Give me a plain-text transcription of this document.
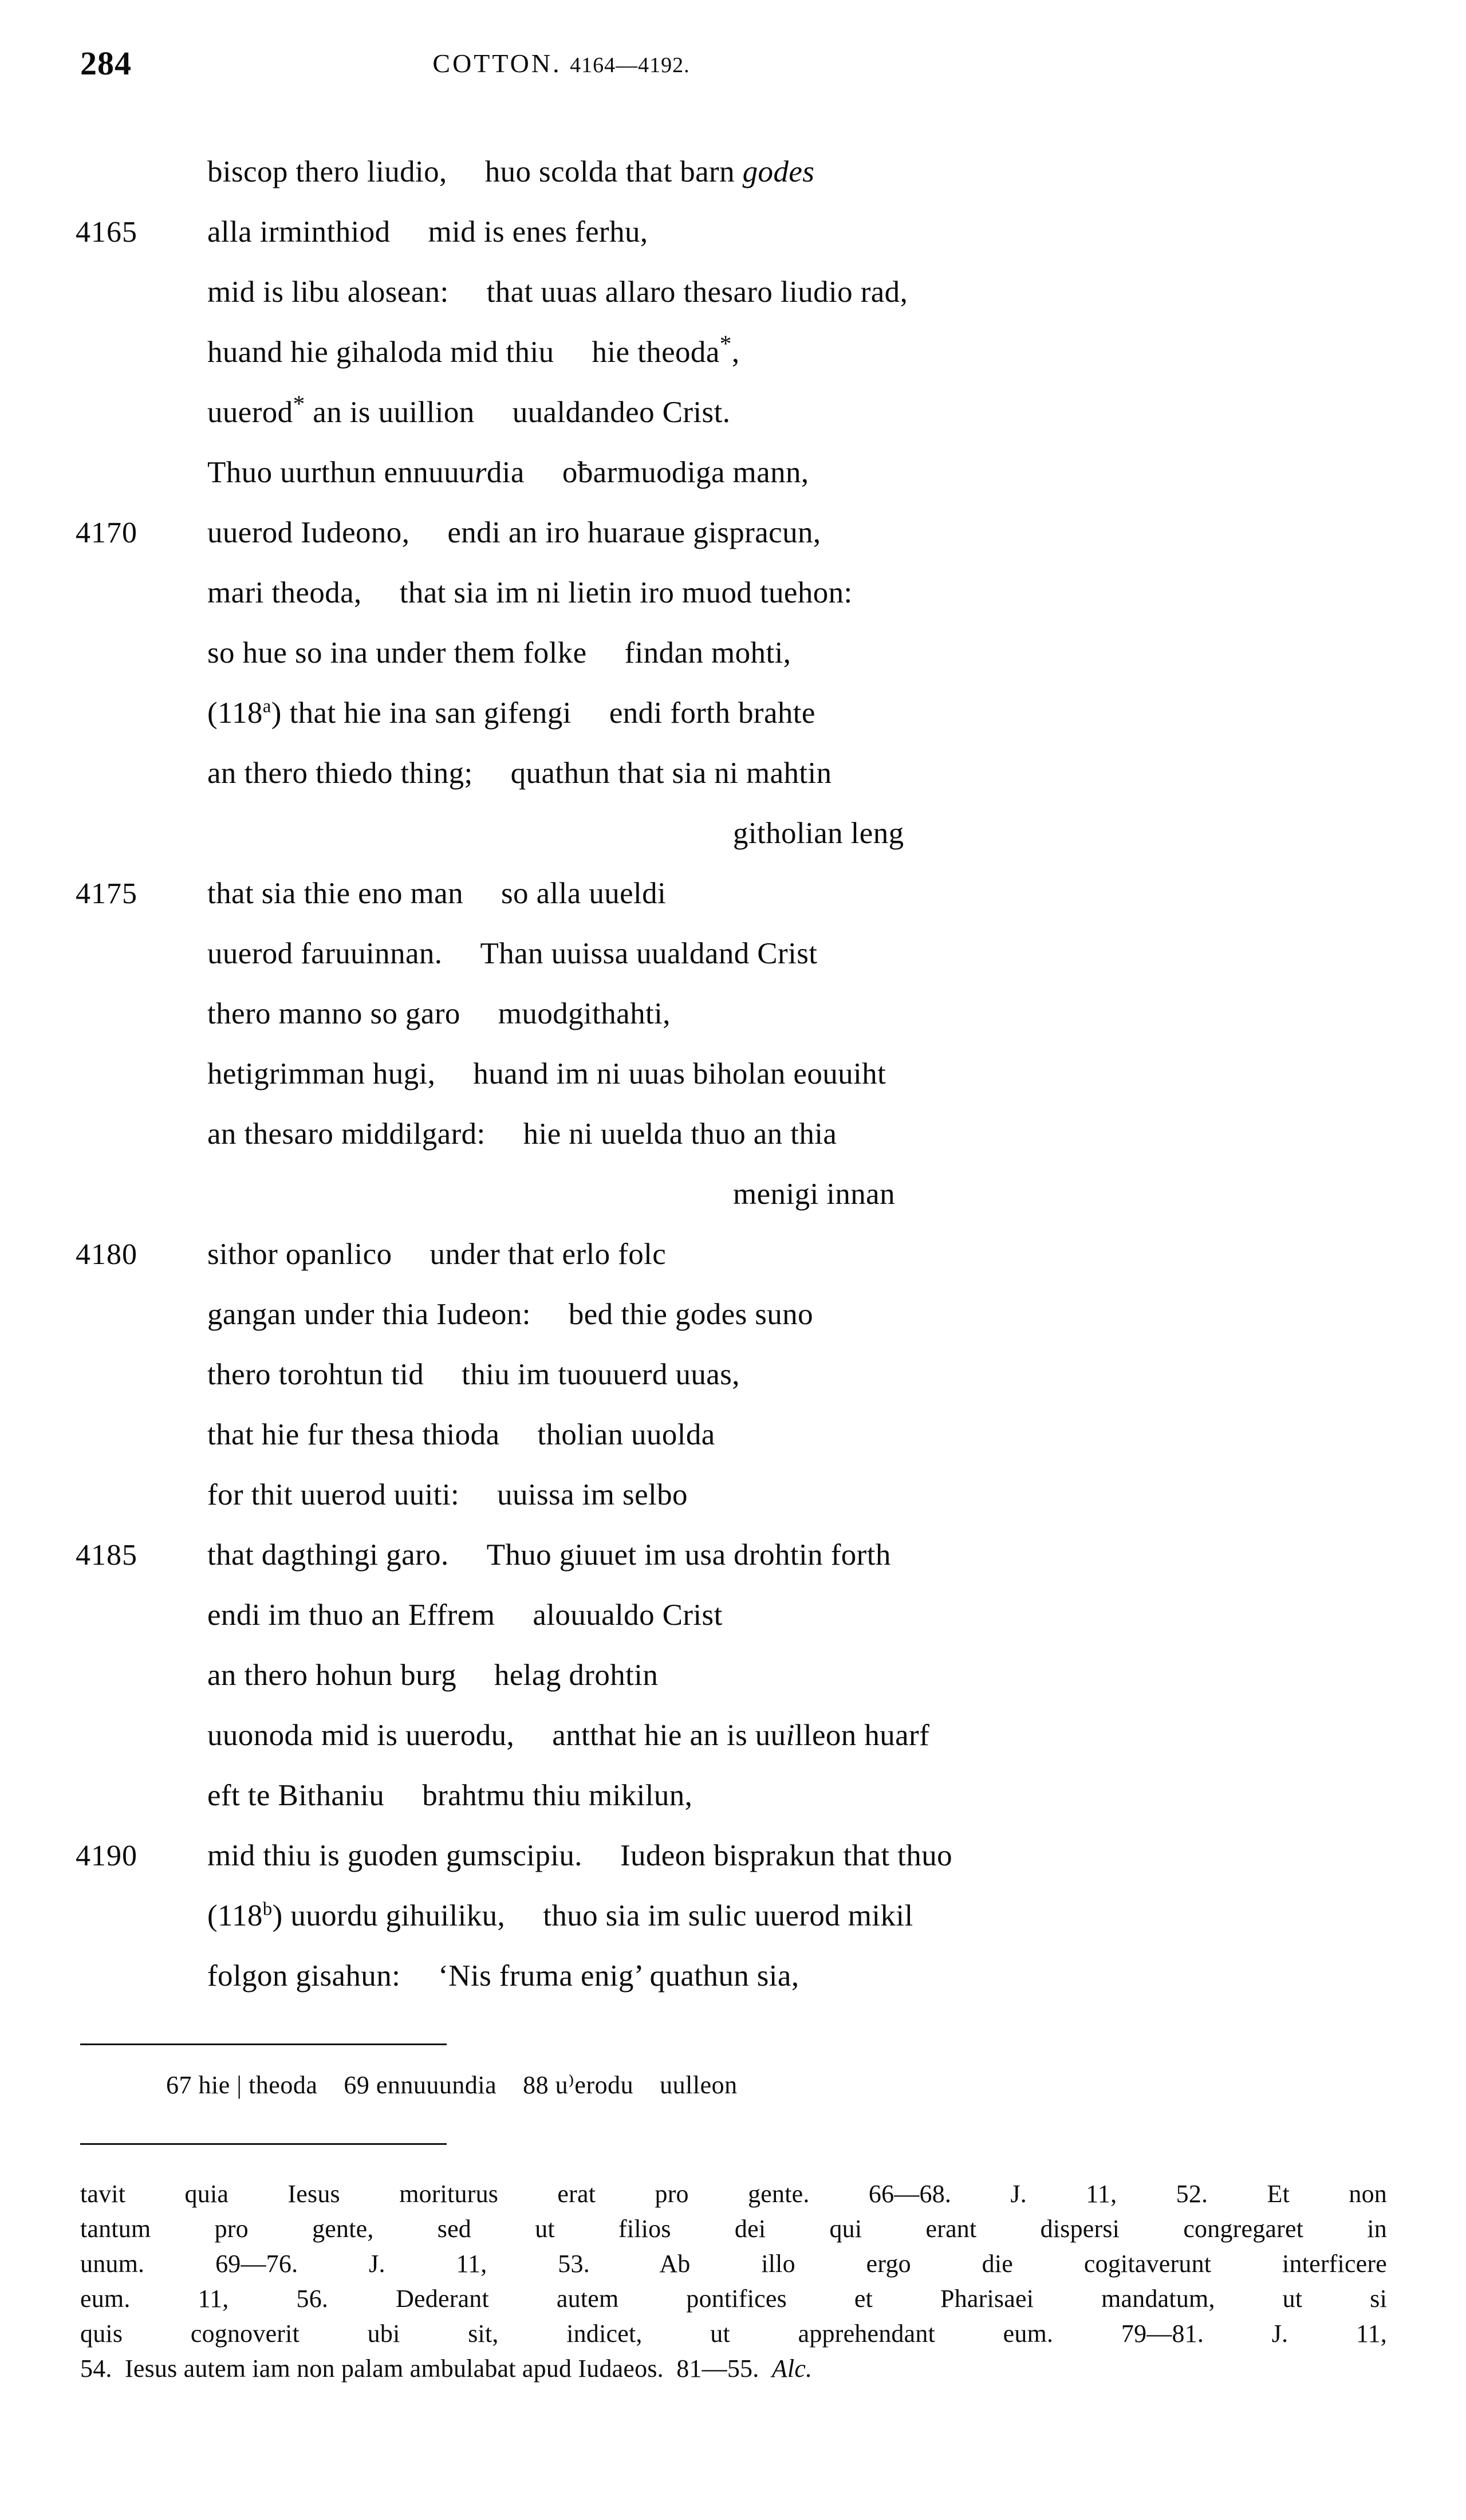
284	COTTON. 4164—4192.
biscop thero liudio, huo scolda that barn godes
4165	alla irminthiod mid is enes ferhu,
mid is libu alosean: that uuas allaro thesaro liudio rad,
huand hie gihaloda mid thiu hie theoda*,
uuerod* an is uuillion uualdandeo Crist.
Thuo uurthun ennuuurdia oƀarmuodiga mann,
4170	uuerod Iudeono, endi an iro huaraue gispracun,
mari theoda, that sia im ni lietin iro muod tuehon:
so hue so ina under them folke findan mohti,
(118$^a$) that hie ina san gifengi endi forth brahte
an thero thiedo thing; quathun that sia ni mahtin
githolian leng
4175	that sia thie eno man so alla uueldi
uuerod faruuinnan. Than uuissa uualdand Crist
thero manno so garo muodgithahti,
hetigrimman hugi, huand im ni uuas biholan eouuiht
an thesaro middilgard: hie ni uuelda thuo an thia
menigi innan
4180	sithor opanlico under that erlo folc
gangan under thia Iudeon: bed thie godes suno
thero torohtun tid thiu im tuouuerd uuas,
that hie fur thesa thioda tholian uuolda
for thit uuerod uuiti: uuissa im selbo
4185	that dagthingi garo. Thuo giuuet im usa drohtin forth
endi im thuo an Effrem alouualdo Crist
an thero hohun burg helag drohtin
uuonoda mid is uuerodu, antthat hie an is uuilleon huarf
eft te Bithaniu brahtmu thiu mikilun,
4190	mid thiu is guoden gumscipiu. Iudeon bisprakun that thuo
(118$^b$) uuordu gihuiliku, thuo sia im sulic uuerod mikil
folgon gisahun: ‘Nis fruma enig’ quathun sia,
67 hie | theoda    69 ennuuundia    88 u⁾erodu    uulleon
tavit quia Iesus moriturus erat pro gente. 66—68. J. 11, 52. Et non
tantum pro gente, sed ut filios dei qui erant dispersi congregaret in
unum. 69—76. J. 11, 53. Ab illo ergo die cogitaverunt interficere
eum. 11, 56. Dederant autem pontifices et Pharisaei mandatum, ut si
quis cognoverit ubi sit, indicet, ut apprehendant eum. 79—81. J. 11,
54.  Iesus autem iam non palam ambulabat apud Iudaeos.  81—55.  Alc.
